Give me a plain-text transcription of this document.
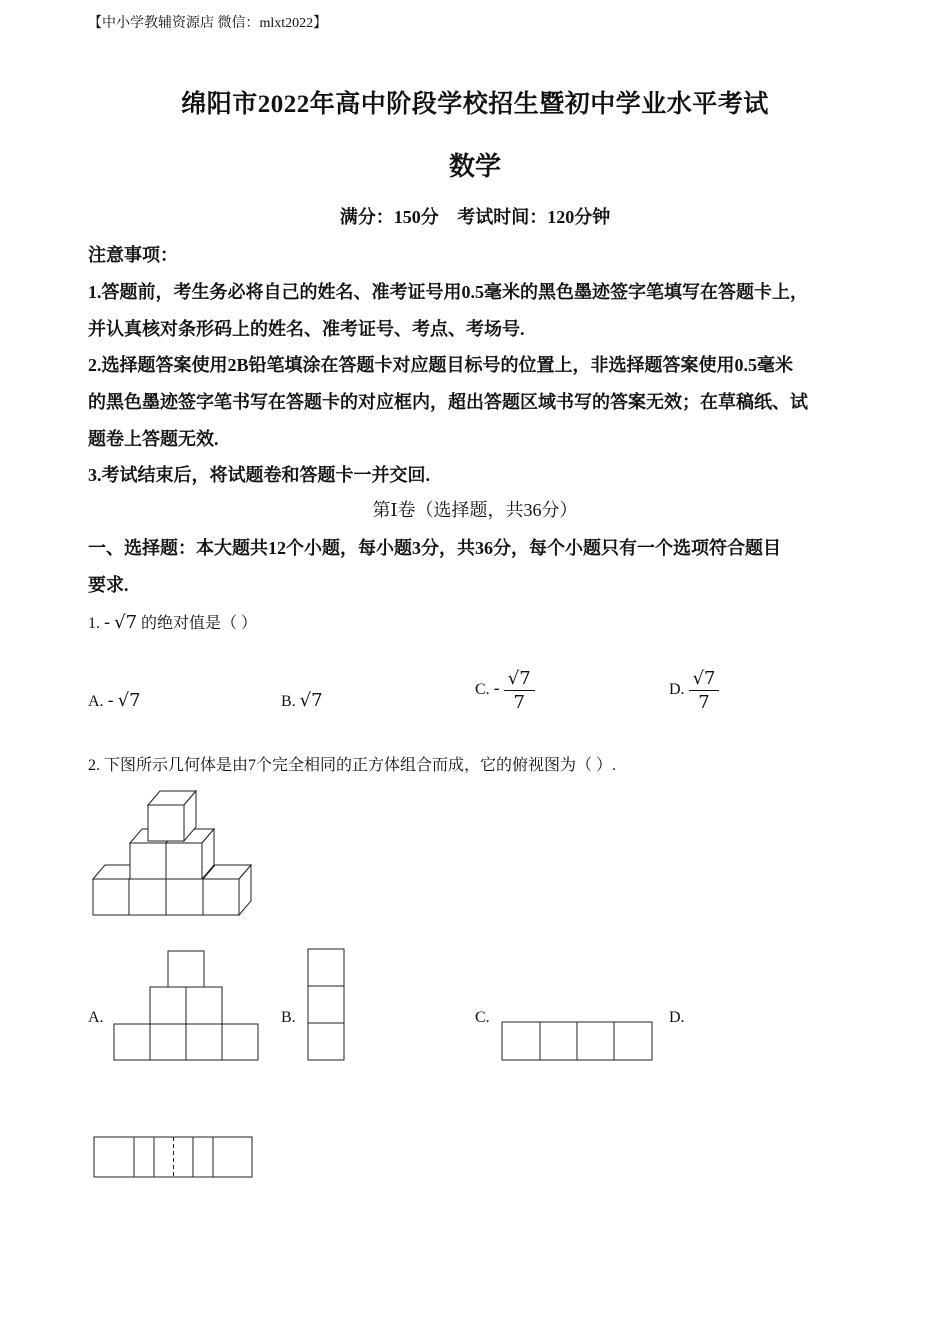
【中小学教辅资源店 微信：mlxt2022】
绵阳市2022年高中阶段学校招生暨初中学业水平考试
数学
满分：150分 考试时间：120分钟
注意事项：
1.答题前，考生务必将自己的姓名、准考证号用0.5毫米的黑色墨迹签字笔填写在答题卡上，
并认真核对条形码上的姓名、准考证号、考点、考场号.
2.选择题答案使用2B铅笔填涂在答题卡对应题目标号的位置上，非选择题答案使用0.5毫米
的黑色墨迹签字笔书写在答题卡的对应框内，超出答题区域书写的答案无效；在草稿纸、试
题卷上答题无效.
3.考试结束后，将试题卷和答题卡一并交回.
第Ⅰ卷（选择题，共36分）
一、选择题：本大题共12个小题，每小题3分，共36分，每个小题只有一个选项符合题目
要求.
1. - √7 的绝对值是（ ）
A. - √7	B. √7
C. - $\frac{√7}{7}$	D. $\frac{√7}{7}$
2. 下图所示几何体是由7个完全相同的正方体组合而成，它的俯视图为（ ）.
A.	B.	C.	D.
